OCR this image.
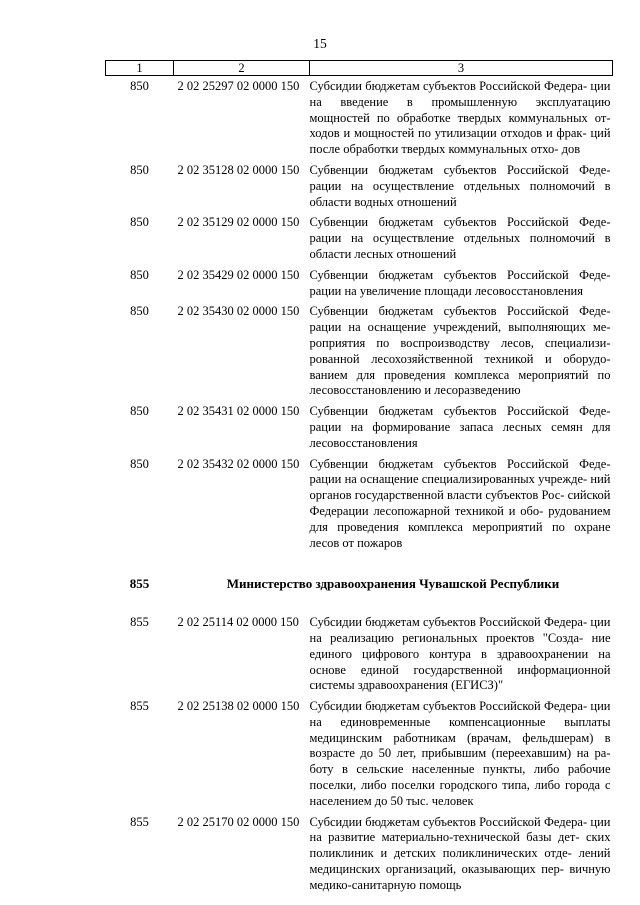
15
1	2	3
850	2 02 25297 02 0000 150	Субсидии бюджетам субъектов Российской Федера- ции на введение в промышленную эксплуатацию мощностей по обработке твердых коммунальных от- ходов и мощностей по утилизации отходов и фрак- ций после обработки твердых коммунальных отхо- дов
850	2 02 35128 02 0000 150	Субвенции бюджетам субъектов Российской Феде- рации на осуществление отдельных полномочий в области водных отношений
850	2 02 35129 02 0000 150	Субвенции бюджетам субъектов Российской Феде- рации на осуществление отдельных полномочий в области лесных отношений
850	2 02 35429 02 0000 150	Субвенции бюджетам субъектов Российской Феде- рации на увеличение площади лесовосстановления
850	2 02 35430 02 0000 150	Субвенции бюджетам субъектов Российской Феде- рации на оснащение учреждений, выполняющих ме- роприятия по воспроизводству лесов, специализи- рованной лесохозяйственной техникой и оборудо- ванием для проведения комплекса мероприятий по лесовосстановлению и лесоразведению
850	2 02 35431 02 0000 150	Субвенции бюджетам субъектов Российской Феде- рации на формирование запаса лесных семян для лесовосстановления
850	2 02 35432 02 0000 150	Субвенции бюджетам субъектов Российской Феде- рации на оснащение специализированных учрежде- ний органов государственной власти субъектов Рос- сийской Федерации лесопожарной техникой и обо- рудованием для проведения комплекса мероприятий по охране лесов от пожаров
855	Министерство здравоохранения Чувашской Республики	
855	2 02 25114 02 0000 150	Субсидии бюджетам субъектов Российской Федера- ции на реализацию региональных проектов "Созда- ние единого цифрового контура в здравоохранении на основе единой государственной информационной системы здравоохранения (ЕГИСЗ)"
855	2 02 25138 02 0000 150	Субсидии бюджетам субъектов Российской Федера- ции на единовременные компенсационные выплаты медицинским работникам (врачам, фельдшерам) в возрасте до 50 лет, прибывшим (переехавшим) на ра- боту в сельские населенные пункты, либо рабочие поселки, либо поселки городского типа, либо города с населением до 50 тыс. человек
855	2 02 25170 02 0000 150	Субсидии бюджетам субъектов Российской Федера- ции на развитие материально-технической базы дет- ских поликлиник и детских поликлинических отде- лений медицинских организаций, оказывающих пер- вичную медико-санитарную помощь
